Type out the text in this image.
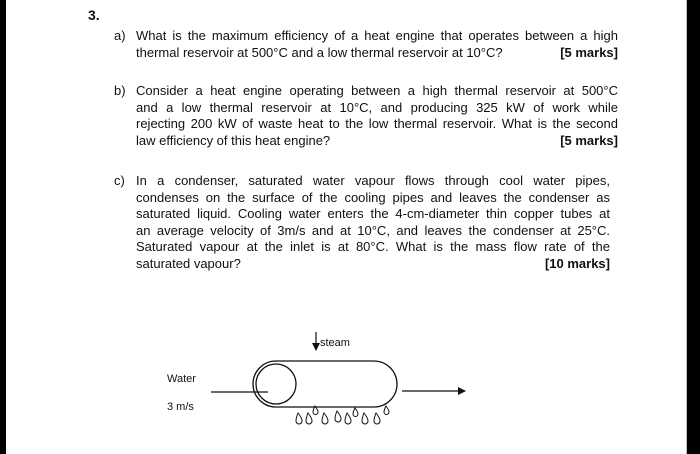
3.
a) What is the maximum efficiency of a heat engine that operates between a high
thermal reservoir at 500°C and a low thermal reservoir at 10°C?	[5 marks]
b) Consider a heat engine operating between a high thermal reservoir at 500°C
and a low thermal reservoir at 10°C, and producing 325 kW of work while
rejecting 200 kW of waste heat to the low thermal reservoir. What is the second
law efficiency of this heat engine?	[5 marks]
c) In a condenser, saturated water vapour flows through cool water pipes,
condenses on the surface of the cooling pipes and leaves the condenser as
saturated liquid. Cooling water enters the 4-cm-diameter thin copper tubes at
an average velocity of 3m/s and at 10°C, and leaves the condenser at 25°C.
Saturated vapour at the inlet is at 80°C. What is the mass flow rate of the
saturated vapour?	[10 marks]
steam
Water
3 m/s
